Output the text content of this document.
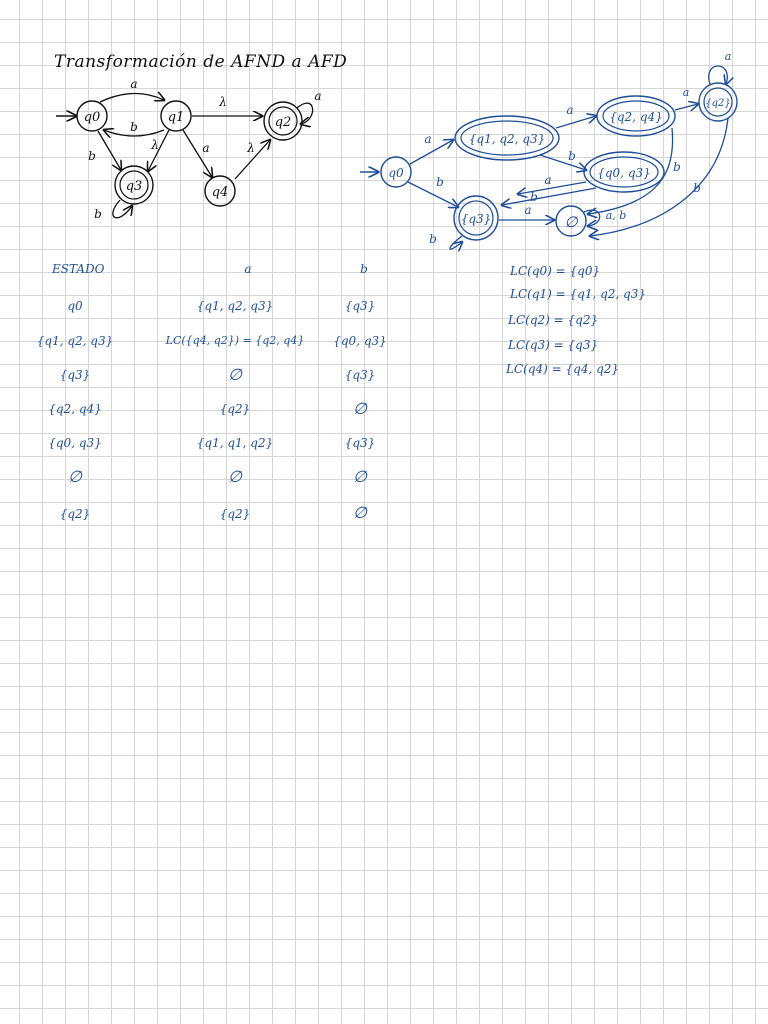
Transformación de AFND a AFD
q0	q1	q2
q3	q4
a
b
b
λ
λ
a	λ
a
b
q0
{q1, q2, q3}
{q2, q4}
{q2}
{q0, q3}
{q3}	∅
a
b
a
b
a
b
a
b
a
b
a
b
a, b
ESTADO	a	b
q0	{q1, q2, q3}	{q3}
{q1, q2, q3}	LC({q4, q2}) = {q2, q4}	{q0, q3}
{q3}	∅	{q3}
{q2, q4}	{q2}	∅
{q0, q3}	{q1, q1, q2}	{q3}
∅	∅	∅
{q2}	{q2}	∅
LC(q0) = {q0}
LC(q1) = {q1, q2, q3}
LC(q2) = {q2}
LC(q3) = {q3}
LC(q4) = {q4, q2}
